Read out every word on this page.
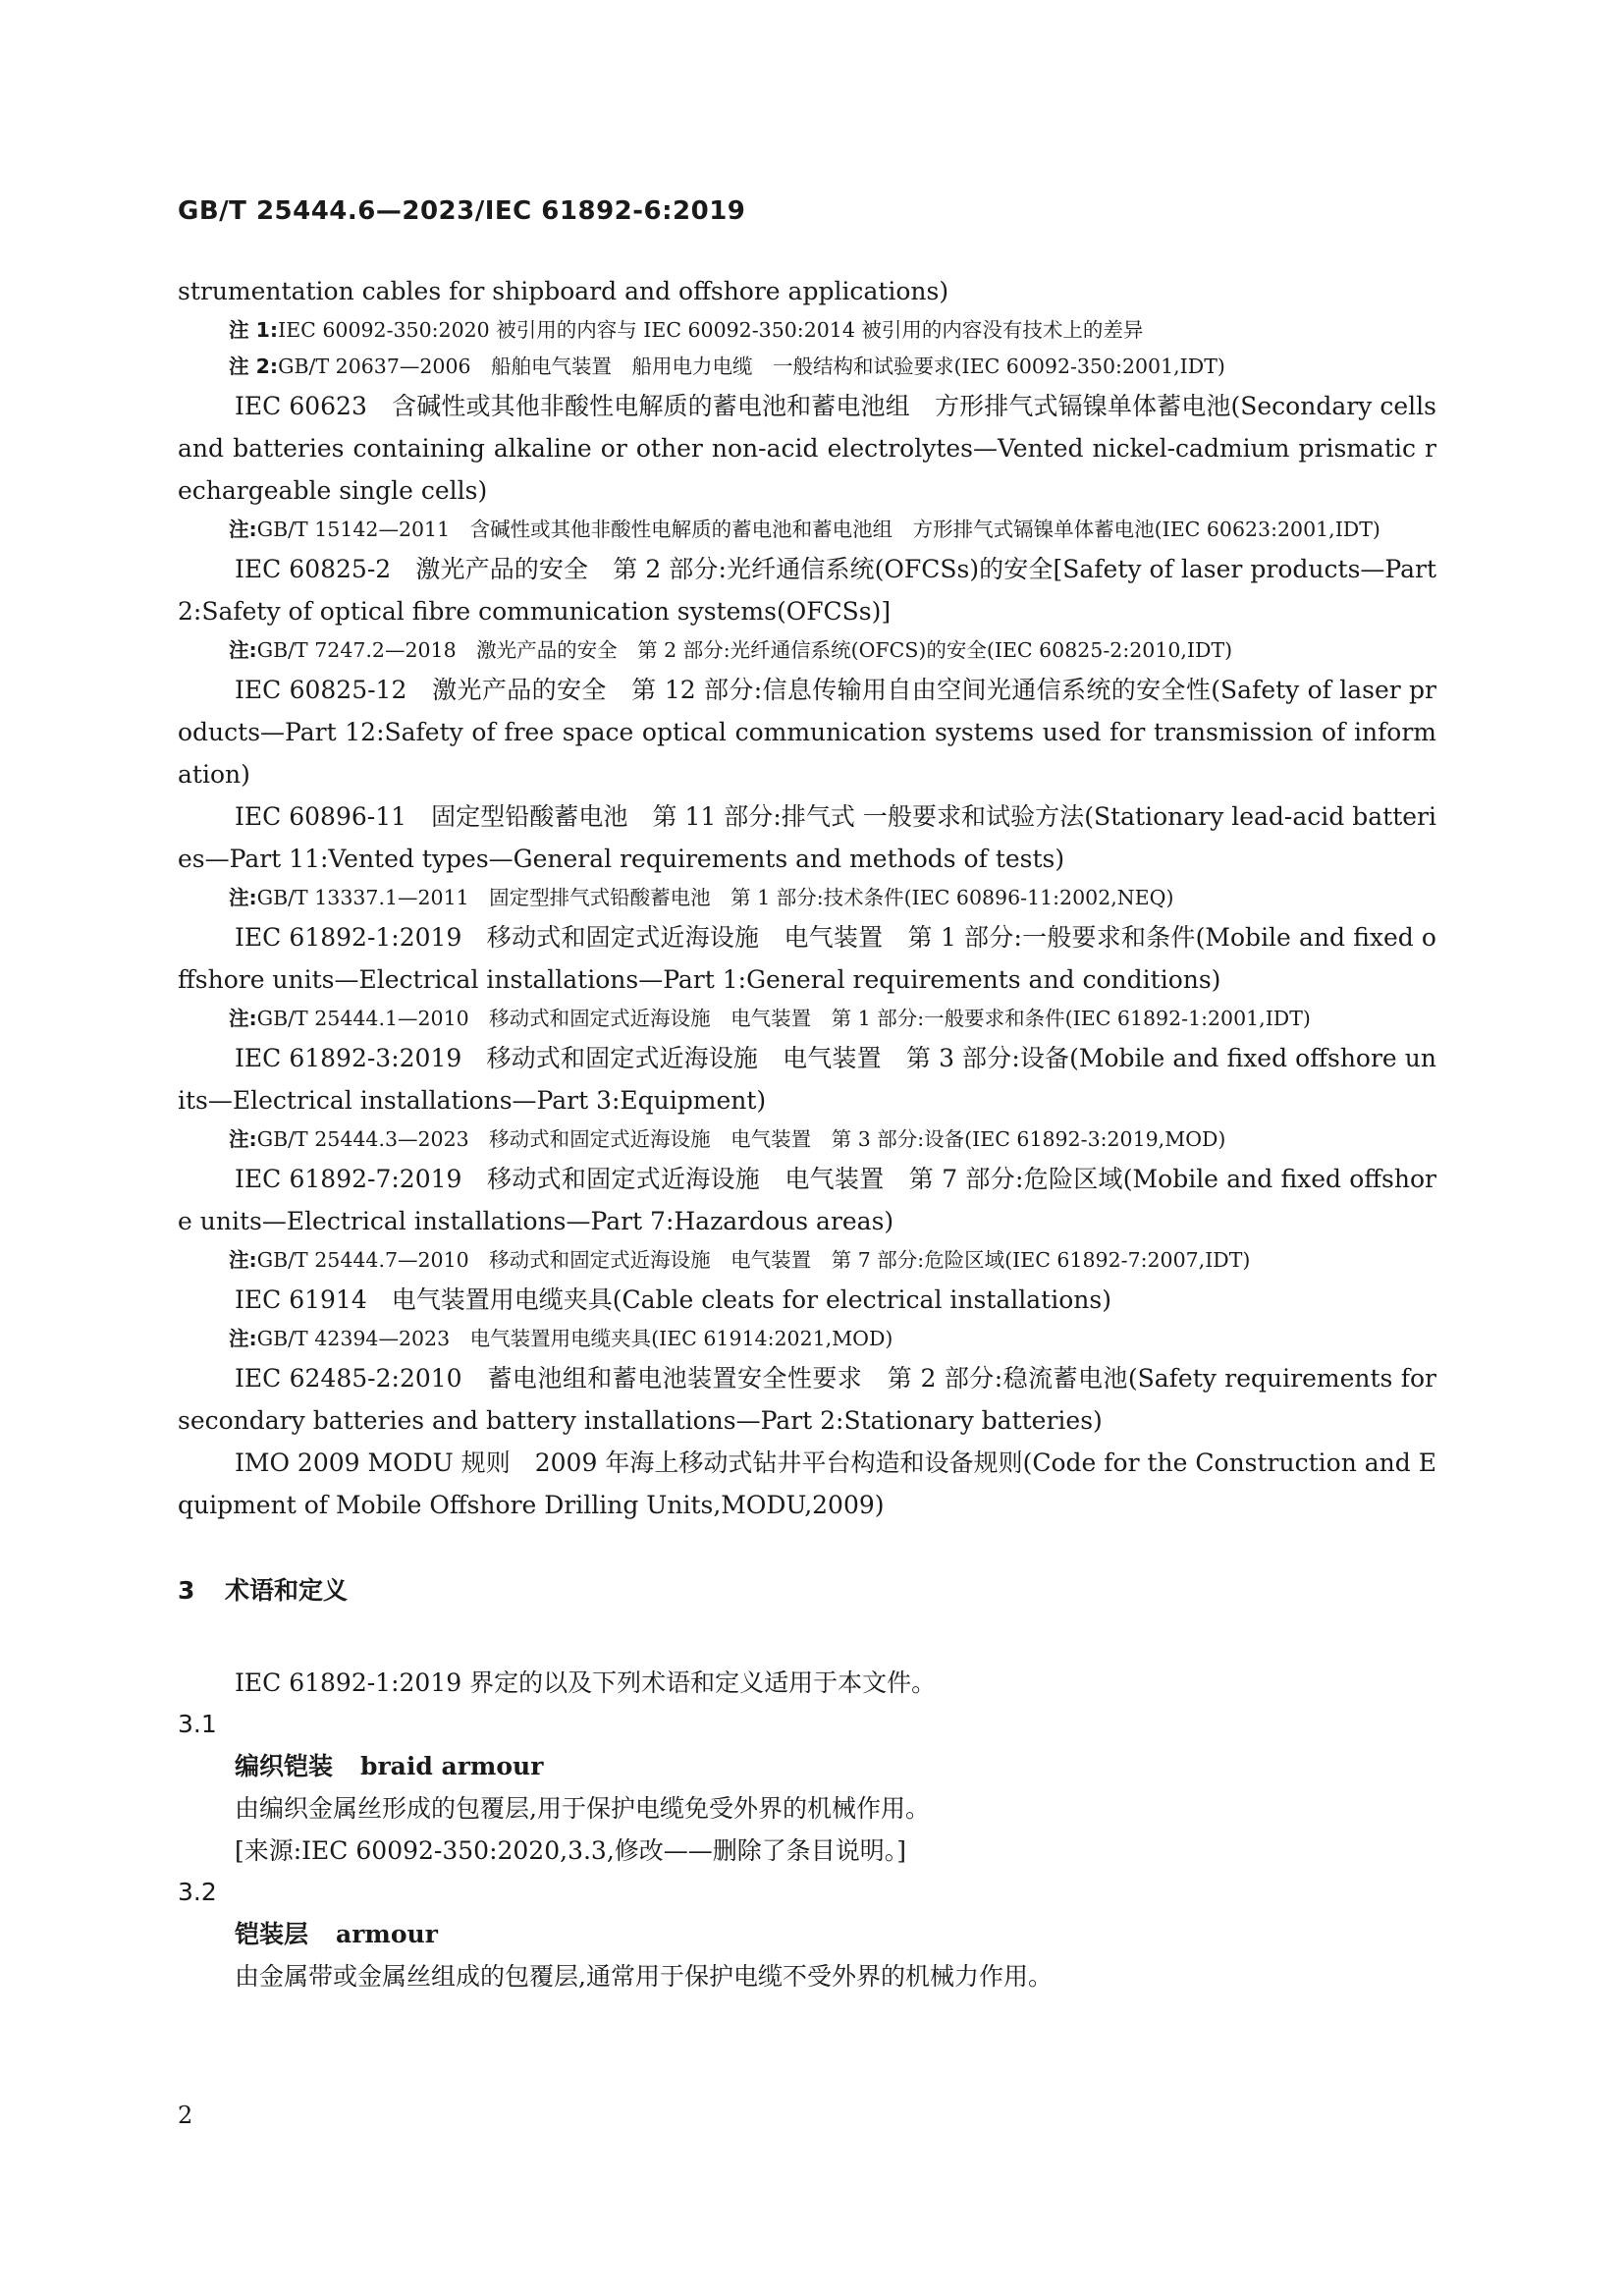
GB/T 25444.6—2023/IEC 61892-6:2019

strumentation cables for shipboard and offshore applications)

注 1:IEC 60092-350:2020 被引用的内容与 IEC 60092-350:2014 被引用的内容没有技术上的差异

注 2:GB/T 20637—2006　船舶电气装置　船用电力电缆　一般结构和试验要求(IEC 60092-350:2001,IDT)

IEC 60623　含碱性或其他非酸性电解质的蓄电池和蓄电池组　方形排气式镉镍单体蓄电池(Secondary cells and batteries containing alkaline or other non-acid electrolytes—Vented nickel-cadmium prismatic rechargeable single cells)

注:GB/T 15142—2011　含碱性或其他非酸性电解质的蓄电池和蓄电池组　方形排气式镉镍单体蓄电池(IEC 60623:2001,IDT)

IEC 60825-2　激光产品的安全　第 2 部分:光纤通信系统(OFCSs)的安全[Safety of laser products—Part 2:Safety of optical fibre communication systems(OFCSs)]

注:GB/T 7247.2—2018　激光产品的安全　第 2 部分:光纤通信系统(OFCS)的安全(IEC 60825-2:2010,IDT)

IEC 60825-12　激光产品的安全　第 12 部分:信息传输用自由空间光通信系统的安全性(Safety of laser products—Part 12:Safety of free space optical communication systems used for transmission of information)

IEC 60896-11　固定型铅酸蓄电池　第 11 部分:排气式 一般要求和试验方法(Stationary lead-acid batteries—Part 11:Vented types—General requirements and methods of tests)

注:GB/T 13337.1—2011　固定型排气式铅酸蓄电池　第 1 部分:技术条件(IEC 60896-11:2002,NEQ)

IEC 61892-1:2019　移动式和固定式近海设施　电气装置　第 1 部分:一般要求和条件(Mobile and fixed offshore units—Electrical installations—Part 1:General requirements and conditions)

注:GB/T 25444.1—2010　移动式和固定式近海设施　电气装置　第 1 部分:一般要求和条件(IEC 61892-1:2001,IDT)

IEC 61892-3:2019　移动式和固定式近海设施　电气装置　第 3 部分:设备(Mobile and fixed offshore units—Electrical installations—Part 3:Equipment)

注:GB/T 25444.3—2023　移动式和固定式近海设施　电气装置　第 3 部分:设备(IEC 61892-3:2019,MOD)

IEC 61892-7:2019　移动式和固定式近海设施　电气装置　第 7 部分:危险区域(Mobile and fixed offshore units—Electrical installations—Part 7:Hazardous areas)

注:GB/T 25444.7—2010　移动式和固定式近海设施　电气装置　第 7 部分:危险区域(IEC 61892-7:2007,IDT)

IEC 61914　电气装置用电缆夹具(Cable cleats for electrical installations)

注:GB/T 42394—2023　电气装置用电缆夹具(IEC 61914:2021,MOD)

IEC 62485-2:2010　蓄电池组和蓄电池装置安全性要求　第 2 部分:稳流蓄电池(Safety requirements for secondary batteries and battery installations—Part 2:Stationary batteries)

IMO 2009 MODU 规则　2009 年海上移动式钻井平台构造和设备规则(Code for the Construction and Equipment of Mobile Offshore Drilling Units,MODU,2009)

3 术语和定义

IEC 61892-1:2019 界定的以及下列术语和定义适用于本文件。

3.1

编织铠装 braid armour

由编织金属丝形成的包覆层,用于保护电缆免受外界的机械作用。

[来源:IEC 60092-350:2020,3.3,修改——删除了条目说明。]

3.2

铠装层 armour

由金属带或金属丝组成的包覆层,通常用于保护电缆不受外界的机械力作用。

2
